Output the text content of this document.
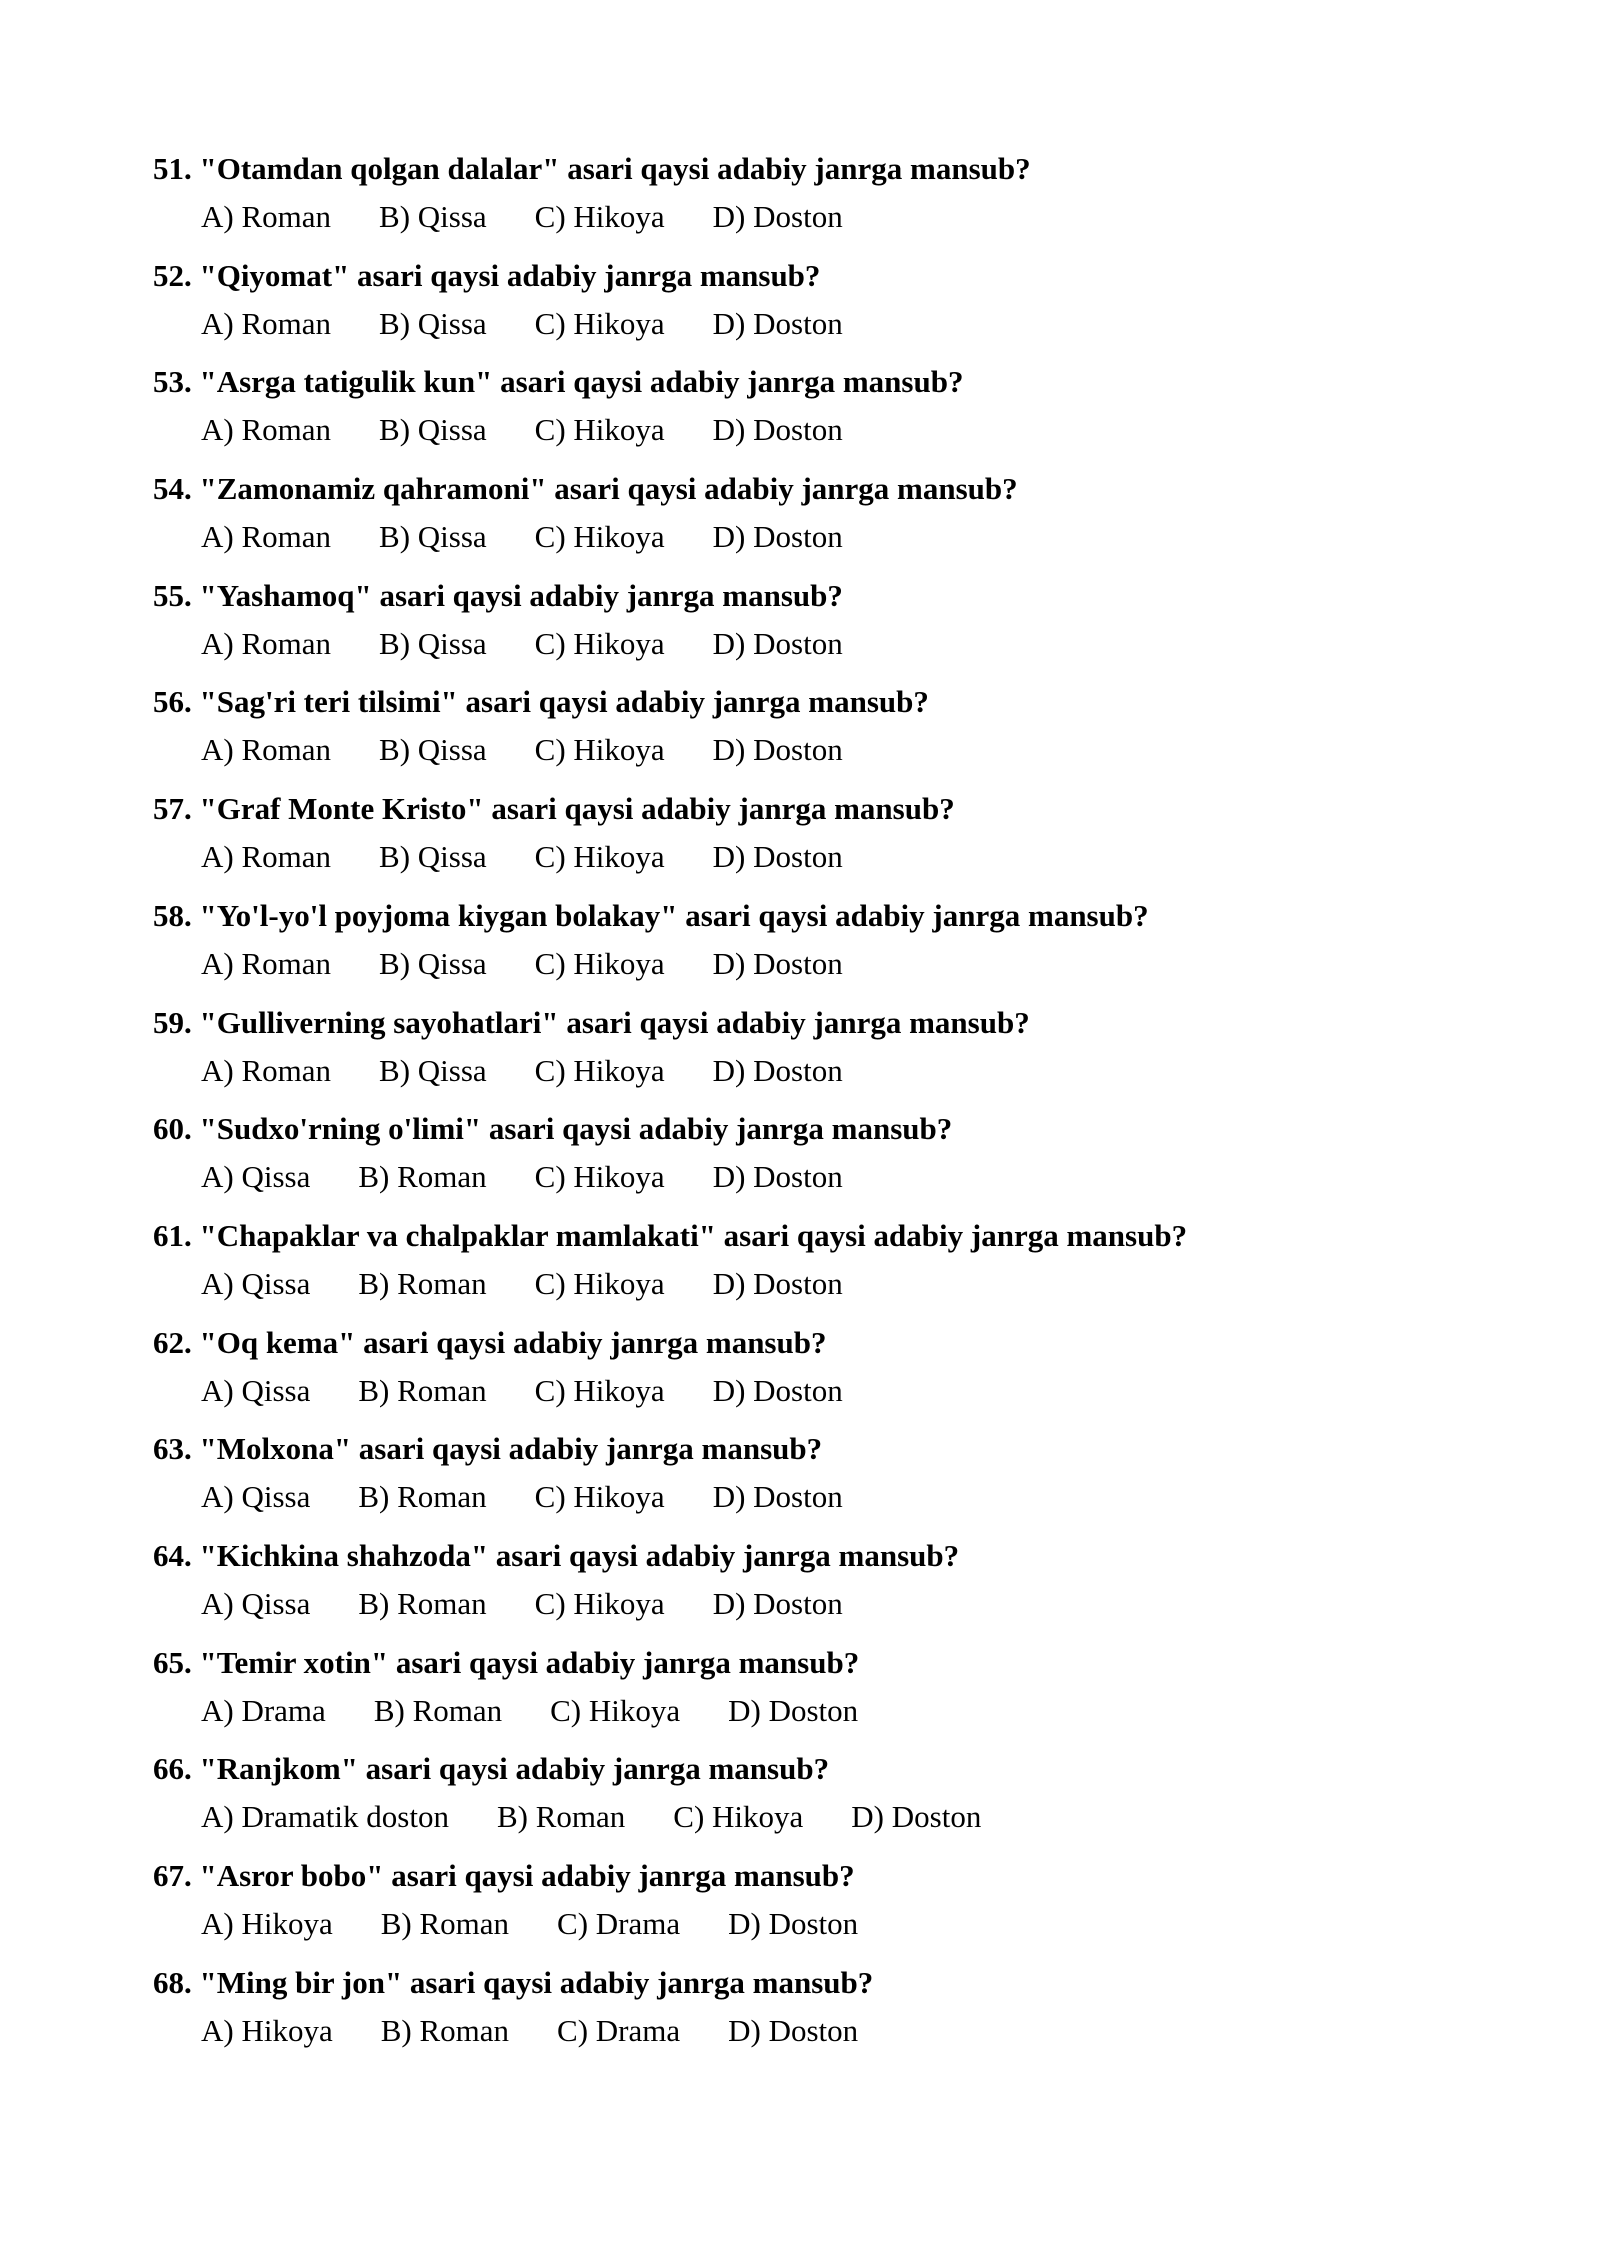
51. "Otamdan qolgan dalalar" asari qaysi adabiy janrga mansub?
A) Roman B) Qissa C) Hikoya D) Doston
52. "Qiyomat" asari qaysi adabiy janrga mansub?
A) Roman B) Qissa C) Hikoya D) Doston
53. "Asrga tatigulik kun" asari qaysi adabiy janrga mansub?
A) Roman B) Qissa C) Hikoya D) Doston
54. "Zamonamiz qahramoni" asari qaysi adabiy janrga mansub?
A) Roman B) Qissa C) Hikoya D) Doston
55. "Yashamoq" asari qaysi adabiy janrga mansub?
A) Roman B) Qissa C) Hikoya D) Doston
56. "Sag'ri teri tilsimi" asari qaysi adabiy janrga mansub?
A) Roman B) Qissa C) Hikoya D) Doston
57. "Graf Monte Kristo" asari qaysi adabiy janrga mansub?
A) Roman B) Qissa C) Hikoya D) Doston
58. "Yo'l-yo'l poyjoma kiygan bolakay" asari qaysi adabiy janrga mansub?
A) Roman B) Qissa C) Hikoya D) Doston
59. "Gulliverning sayohatlari" asari qaysi adabiy janrga mansub?
A) Roman B) Qissa C) Hikoya D) Doston
60. "Sudxo'rning o'limi" asari qaysi adabiy janrga mansub?
A) Qissa B) Roman C) Hikoya D) Doston
61. "Chapaklar va chalpaklar mamlakati" asari qaysi adabiy janrga mansub?
A) Qissa B) Roman C) Hikoya D) Doston
62. "Oq kema" asari qaysi adabiy janrga mansub?
A) Qissa B) Roman C) Hikoya D) Doston
63. "Molxona" asari qaysi adabiy janrga mansub?
A) Qissa B) Roman C) Hikoya D) Doston
64. "Kichkina shahzoda" asari qaysi adabiy janrga mansub?
A) Qissa B) Roman C) Hikoya D) Doston
65. "Temir xotin" asari qaysi adabiy janrga mansub?
A) Drama B) Roman C) Hikoya D) Doston
66. "Ranjkom" asari qaysi adabiy janrga mansub?
A) Dramatik doston B) Roman C) Hikoya D) Doston
67. "Asror bobo" asari qaysi adabiy janrga mansub?
A) Hikoya B) Roman C) Drama D) Doston
68. "Ming bir jon" asari qaysi adabiy janrga mansub?
A) Hikoya B) Roman C) Drama D) Doston
